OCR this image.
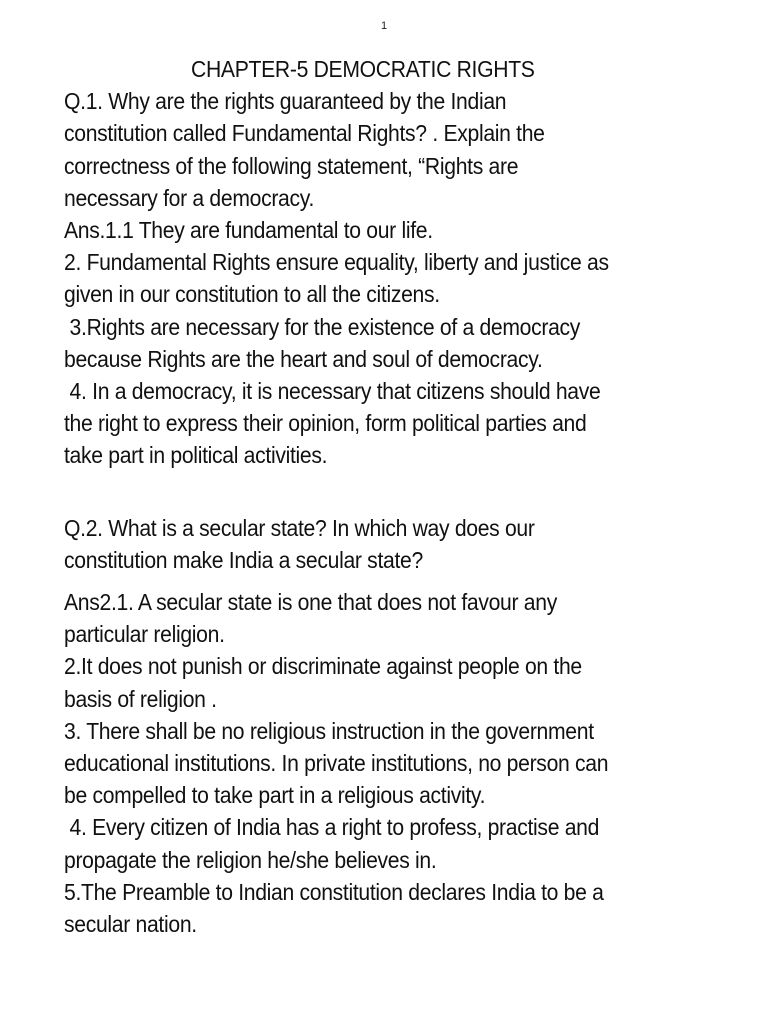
1
CHAPTER-5 DEMOCRATIC RIGHTS
Q.1. Why are the rights guaranteed by the Indian
constitution called Fundamental Rights? . Explain the
correctness of the following statement, “Rights are
necessary for a democracy.
Ans.1.1 They are fundamental to our life.
2. Fundamental Rights ensure equality, liberty and justice as
given in our constitution to all the citizens.
3.Rights are necessary for the existence of a democracy
because Rights are the heart and soul of democracy.
4. In a democracy, it is necessary that citizens should have
the right to express their opinion, form political parties and
take part in political activities.
Q.2. What is a secular state? In which way does our
constitution make India a secular state?
Ans2.1. A secular state is one that does not favour any
particular religion.
2.It does not punish or discriminate against people on the
basis of religion .
3. There shall be no religious instruction in the government
educational institutions. In private institutions, no person can
be compelled to take part in a religious activity.
4. Every citizen of India has a right to profess, practise and
propagate the religion he/she believes in.
5.The Preamble to Indian constitution declares India to be a
secular nation.
